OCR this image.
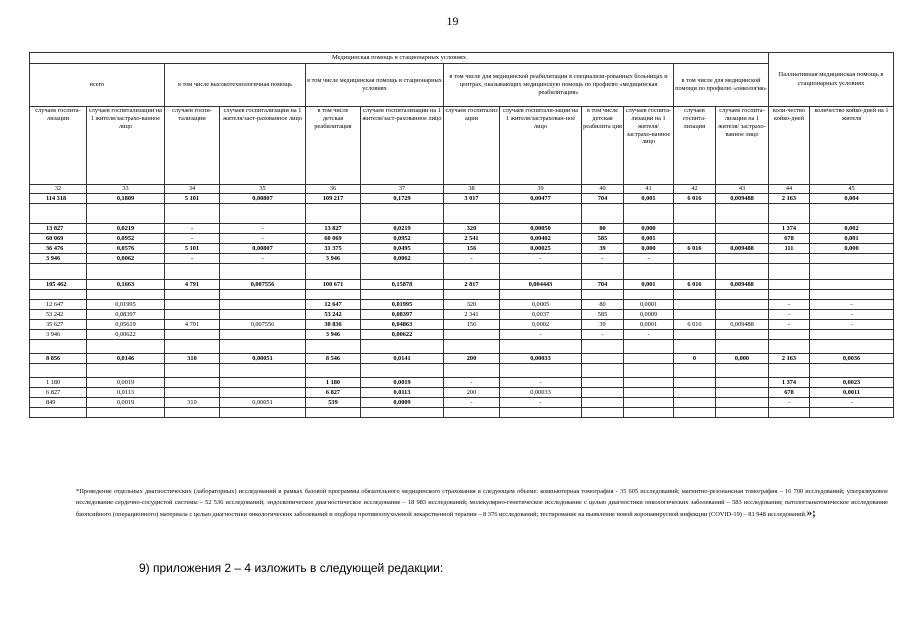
19
Медицинская помощь в стационарных условиях												Паллиативная медицинская помощь в стационарных условиях	
всего		в том числе высокотехнологичная помощь		в том числе медицинская помощь в стационарных условиях		в том числе для медицинской реабилитации в специализи-рованных больницах и центрах, оказывающих медицинскую помощь по профилю «медицинская реабилитация»				в том числе для медицинской помощи по профилю «онкология»			
случаев госпита-лизации	случаев госпитализации на 1 жителя/застрахо-ванное лицо	случаев госпи-тализации	случаев госпитализации на 1 жителя/заст-рахованное лицо	в том числе детская реабилитация	случаев госпитализации на 1 жителя/заст-рахованное лицо	случаев госпитализ ации	случаев госпитали-зации на 1 жителя/застрахован-ное лицо	в том числе детская реабилита ция	случаев госпита-лизации на 1 жителя/ застрахо-ванное лицо	случаев госпита-лизации	случаев госпита-лизации на 1 жителя/ застрахо-ванное лицо	коли-чество койко-дней	количество койко-дней на 1 жителя
32	33	34	35	36	37	38	39	40	41	42	43	44	45
114 318	0,1809	5 101	0,00807	109 217	0,1729	3 017	0,00477	704	0,001	6 016	0,009488	2 163	0,004

13 827	0,0219	-	-	13 827	0,0219	320	0,00050	80	0,000			1 374	0,002
60 069	0,0952	-	-	60 069	0,0952	2 541	0,00402	585	0,001			678	0,001
36 476	0,0576	5 101	0,00807	31 375	0,0495	156	0,00025	39	0,000	6 016	0,009488	111	0,000
3 946	0,0062	-	-	3 946	0,0062	-	-	-	-				

105 462	0,1663	4 791	0,007556	100 671	0,15878	2 817	0,004443	704	0,001	6 016	0,009488		

12 647	0,01995			12 647	0,01995	320	0,0005	80	0,0001			-	-
53 242	0,08397			53 242	0,08397	2 341	0,0037	585	0,0009			-	-
35 627	0,05619	4 791	0,007556	30 836	0,04863	156	0,0002	39	0,0001	6 016	0,009488	-	-
3 946	0,00622			3 946	0,00622		-	-	-				

8 856	0,0146	310	0,00051	8 546	0,0141	200	0,00033			0	0,000	2 163	0,0036

1 180	0,0019			1 180	0,0019	-	-					1 374	0,0023
6 827	0,0113			6 827	0,0113	200	0,00033					678	0,0011
849	0,0019	310	0,00051	539	0,0009	-	-					-	-

*Проведение отдельных диагностических (лабораторных) исследований в рамках базовой программы обязательного медицинского страхования в следующем объеме: компьютерная томография - 35 605 исследований; магнитно-резонансная томография – 16 700 исследований; ультразвуковое исследование сердечно-сосудистой системы – 52 536 исследований; эндоскопическое диагностическое исследование – 18 983 исследований; молекулярно-генетическое исследование с целью диагностики онкологических заболеваний – 583 исследования; патологоанатомическое исследование биопсийного (операционного) материала с целью диагностики онкологических заболеваний и подбора противоопухолевой лекарственной терапии – 8 376 исследований; тестирование на выявление новой коронавирусной инфекции (COVID-19) – 81 948 исследований.»;
9) приложения 2 – 4 изложить в следующей редакции:
